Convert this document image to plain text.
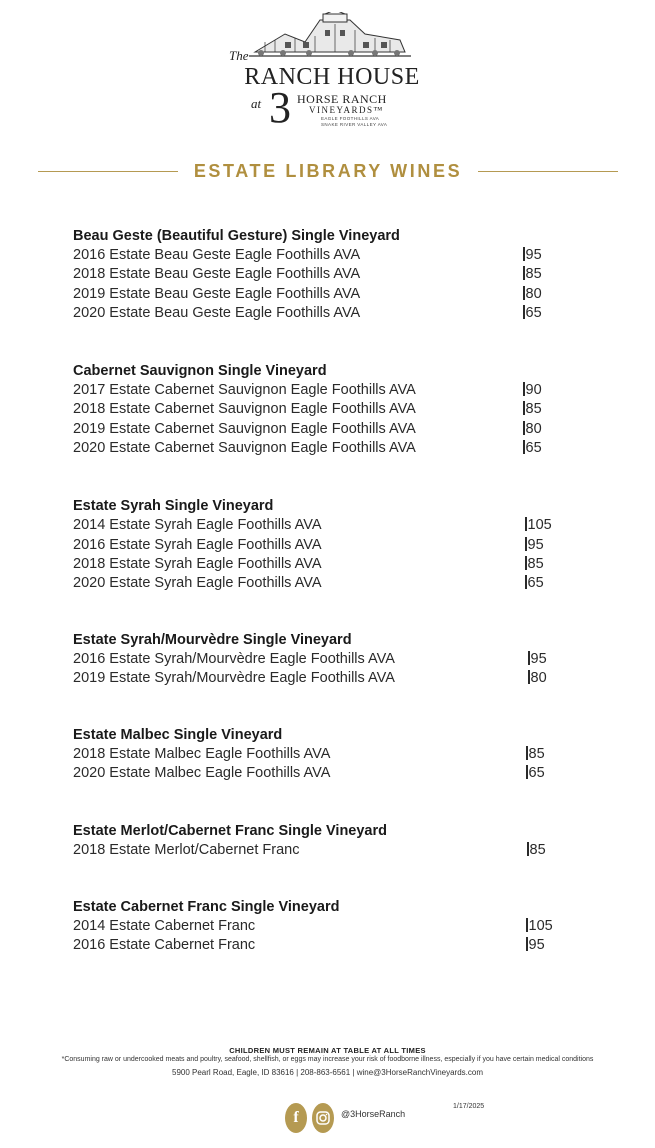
The
RANCH HOUSE
at 3 HORSE RANCH
VINEYARDS™
EAGLE FOOTHILLS AVA
SNAKE RIVER VALLEY AVA
ESTATE LIBRARY WINES
Beau Geste (Beautiful Gesture) Single Vineyard
2016 Estate Beau Geste Eagle Foothills AVA	95
2018 Estate Beau Geste Eagle Foothills AVA	85
2019 Estate Beau Geste Eagle Foothills AVA	80
2020 Estate Beau Geste Eagle Foothills AVA	65
Cabernet Sauvignon Single Vineyard
2017 Estate Cabernet Sauvignon Eagle Foothills AVA	90
2018 Estate Cabernet Sauvignon Eagle Foothills AVA	85
2019 Estate Cabernet Sauvignon Eagle Foothills AVA	80
2020 Estate Cabernet Sauvignon Eagle Foothills AVA	65
Estate Syrah Single Vineyard
2014 Estate Syrah Eagle Foothills AVA	105
2016 Estate Syrah Eagle Foothills AVA	95
2018 Estate Syrah Eagle Foothills AVA	85
2020 Estate Syrah Eagle Foothills AVA	65
Estate Syrah/Mourvèdre Single Vineyard
2016 Estate Syrah/Mourvèdre Eagle Foothills AVA	95
2019 Estate Syrah/Mourvèdre Eagle Foothills AVA	80
Estate Malbec Single Vineyard
2018 Estate Malbec Eagle Foothills AVA	85
2020 Estate Malbec Eagle Foothills AVA	65
Estate Merlot/Cabernet Franc Single Vineyard
2018 Estate Merlot/Cabernet Franc	85
Estate Cabernet Franc Single Vineyard
2014 Estate Cabernet Franc	105
2016 Estate Cabernet Franc	95
CHILDREN MUST REMAIN AT TABLE AT ALL TIMES
*Consuming raw or undercooked meats and poultry, seafood, shellfish, or eggs may increase your risk of foodborne illness, especially if you have certain medical conditions
5900 Pearl Road, Eagle, ID 83616 | 208-863-6561 | wine@3HorseRanchVineyards.com
f	@3HorseRanch
1/17/2025
